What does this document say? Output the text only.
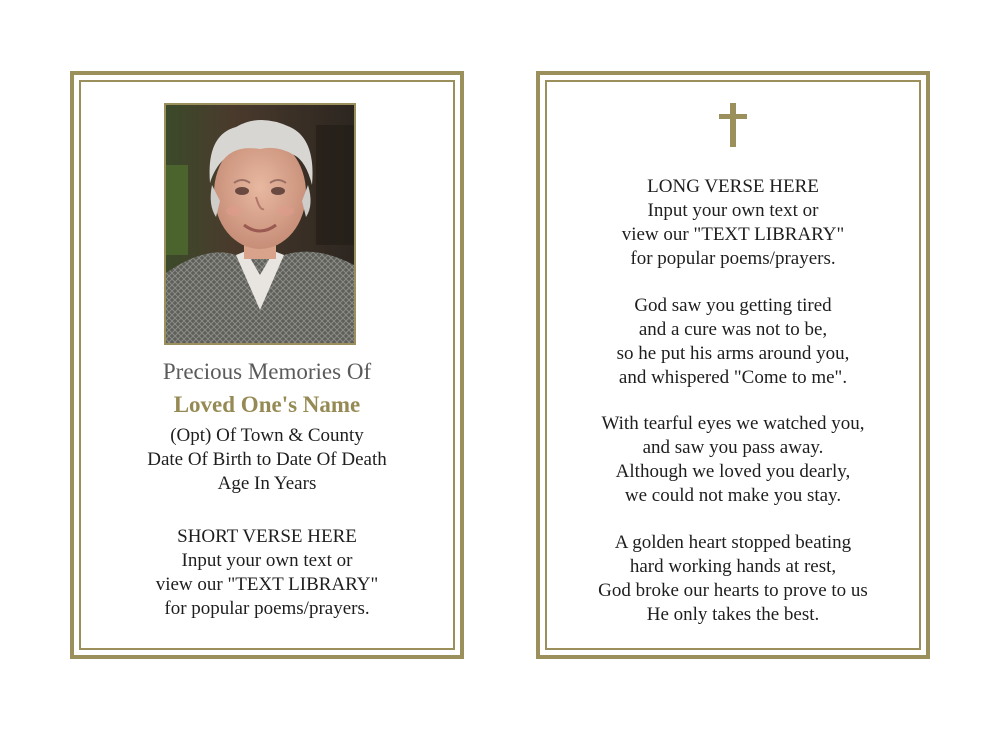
Precious Memories Of
Loved One's Name
(Opt) Of Town & County
Date Of Birth to Date Of Death
Age In Years
SHORT VERSE HERE
Input your own text or
view our "TEXT LIBRARY"
for popular poems/prayers.
LONG VERSE HERE
Input your own text or
view our "TEXT LIBRARY"
for popular poems/prayers.
God saw you getting tired
and a cure was not to be,
so he put his arms around you,
and whispered "Come to me".
With tearful eyes we watched you,
and saw you pass away.
Although we loved you dearly,
we could not make you stay.
A golden heart stopped beating
hard working hands at rest,
God broke our hearts to prove to us
He only takes the best.
